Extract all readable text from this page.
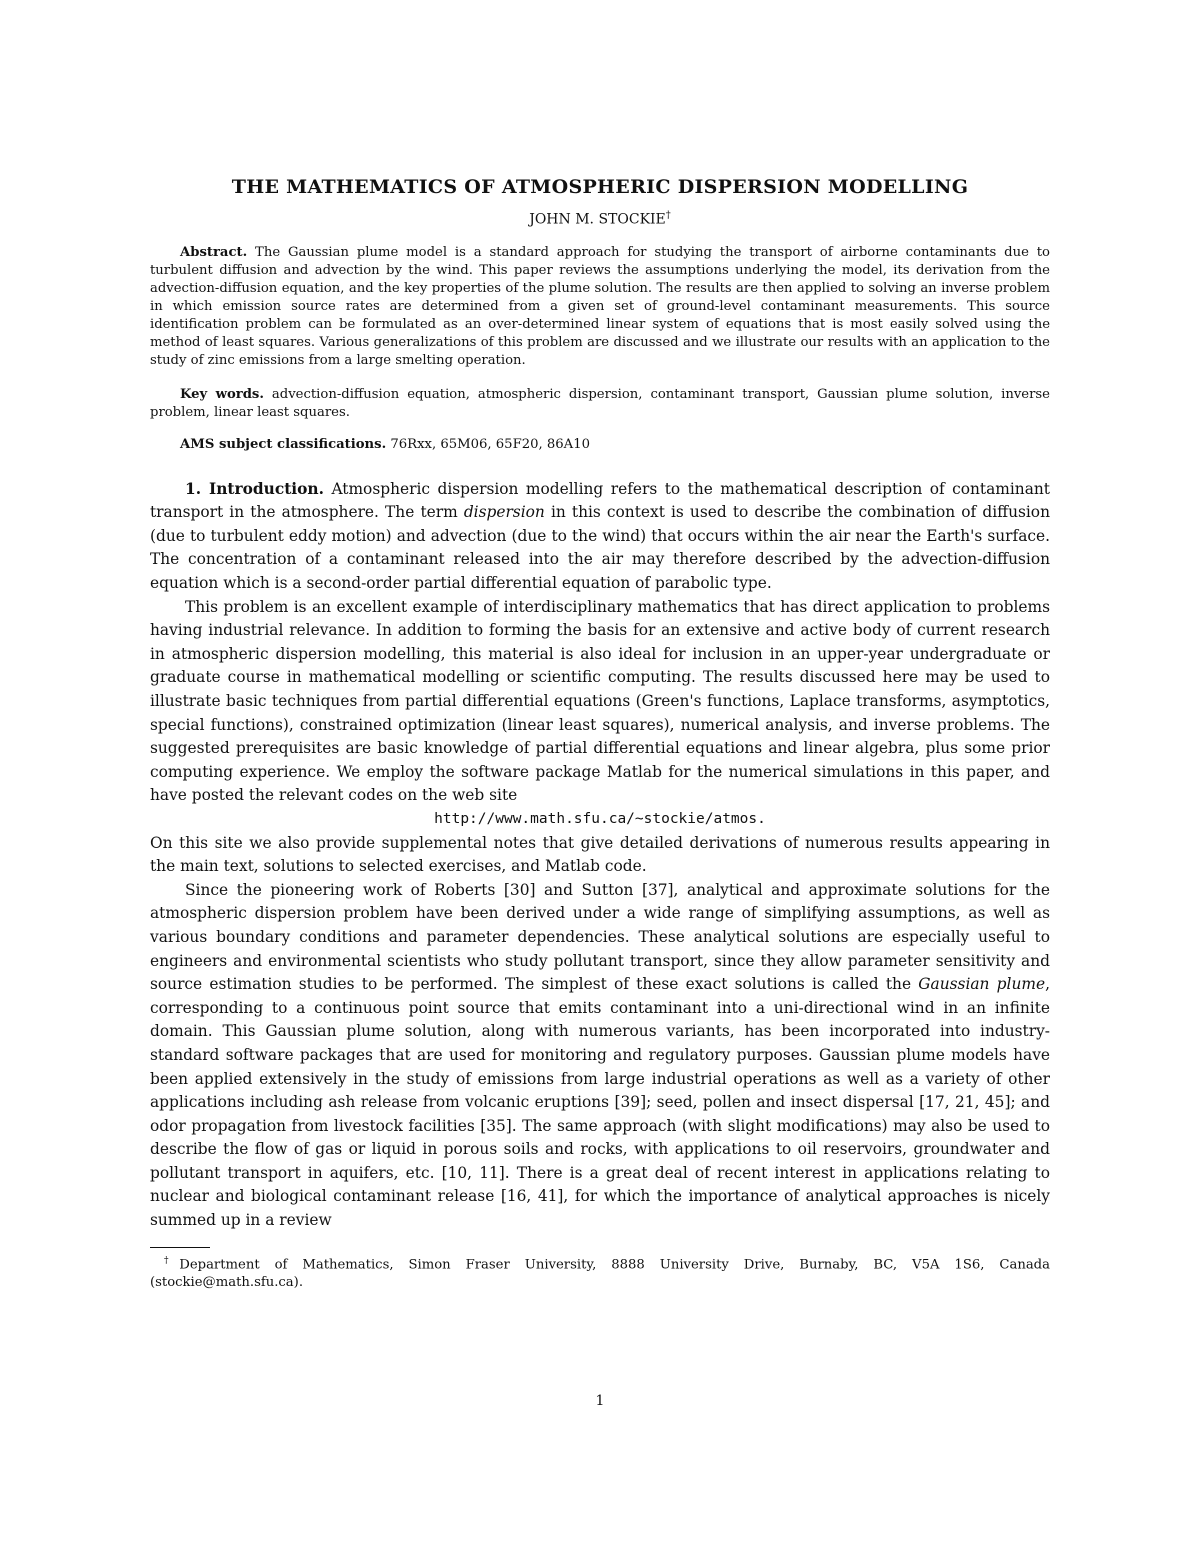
THE MATHEMATICS OF ATMOSPHERIC DISPERSION MODELLING
JOHN M. STOCKIE†

Abstract. The Gaussian plume model is a standard approach for studying the transport of airborne contaminants due to turbulent diffusion and advection by the wind. This paper reviews the assumptions underlying the model, its derivation from the advection-diffusion equation, and the key properties of the plume solution. The results are then applied to solving an inverse problem in which emission source rates are determined from a given set of ground-level contaminant measurements. This source identification problem can be formulated as an over-determined linear system of equations that is most easily solved using the method of least squares. Various generalizations of this problem are discussed and we illustrate our results with an application to the study of zinc emissions from a large smelting operation.

Key words. advection-diffusion equation, atmospheric dispersion, contaminant transport, Gaussian plume solution, inverse problem, linear least squares.

AMS subject classifications. 76Rxx, 65M06, 65F20, 86A10

1. Introduction. Atmospheric dispersion modelling refers to the mathematical description of contaminant transport in the atmosphere. The term dispersion in this context is used to describe the combination of diffusion (due to turbulent eddy motion) and advection (due to the wind) that occurs within the air near the Earth's surface. The concentration of a contaminant released into the air may therefore described by the advection-diffusion equation which is a second-order partial differential equation of parabolic type.

This problem is an excellent example of interdisciplinary mathematics that has direct application to problems having industrial relevance. In addition to forming the basis for an extensive and active body of current research in atmospheric dispersion modelling, this material is also ideal for inclusion in an upper-year undergraduate or graduate course in mathematical modelling or scientific computing. The results discussed here may be used to illustrate basic techniques from partial differential equations (Green's functions, Laplace transforms, asymptotics, special functions), constrained optimization (linear least squares), numerical analysis, and inverse problems. The suggested prerequisites are basic knowledge of partial differential equations and linear algebra, plus some prior computing experience. We employ the software package Matlab for the numerical simulations in this paper, and have posted the relevant codes on the web site

http://www.math.sfu.ca/~stockie/atmos.

On this site we also provide supplemental notes that give detailed derivations of numerous results appearing in the main text, solutions to selected exercises, and Matlab code.

Since the pioneering work of Roberts [30] and Sutton [37], analytical and approximate solutions for the atmospheric dispersion problem have been derived under a wide range of simplifying assumptions, as well as various boundary conditions and parameter dependencies. These analytical solutions are especially useful to engineers and environmental scientists who study pollutant transport, since they allow parameter sensitivity and source estimation studies to be performed. The simplest of these exact solutions is called the Gaussian plume, corresponding to a continuous point source that emits contaminant into a uni-directional wind in an infinite domain. This Gaussian plume solution, along with numerous variants, has been incorporated into industry-standard software packages that are used for monitoring and regulatory purposes. Gaussian plume models have been applied extensively in the study of emissions from large industrial operations as well as a variety of other applications including ash release from volcanic eruptions [39]; seed, pollen and insect dispersal [17, 21, 45]; and odor propagation from livestock facilities [35]. The same approach (with slight modifications) may also be used to describe the flow of gas or liquid in porous soils and rocks, with applications to oil reservoirs, groundwater and pollutant transport in aquifers, etc. [10, 11]. There is a great deal of recent interest in applications relating to nuclear and biological contaminant release [16, 41], for which the importance of analytical approaches is nicely summed up in a review

†Department of Mathematics, Simon Fraser University, 8888 University Drive, Burnaby, BC, V5A 1S6, Canada (stockie@math.sfu.ca).
1
